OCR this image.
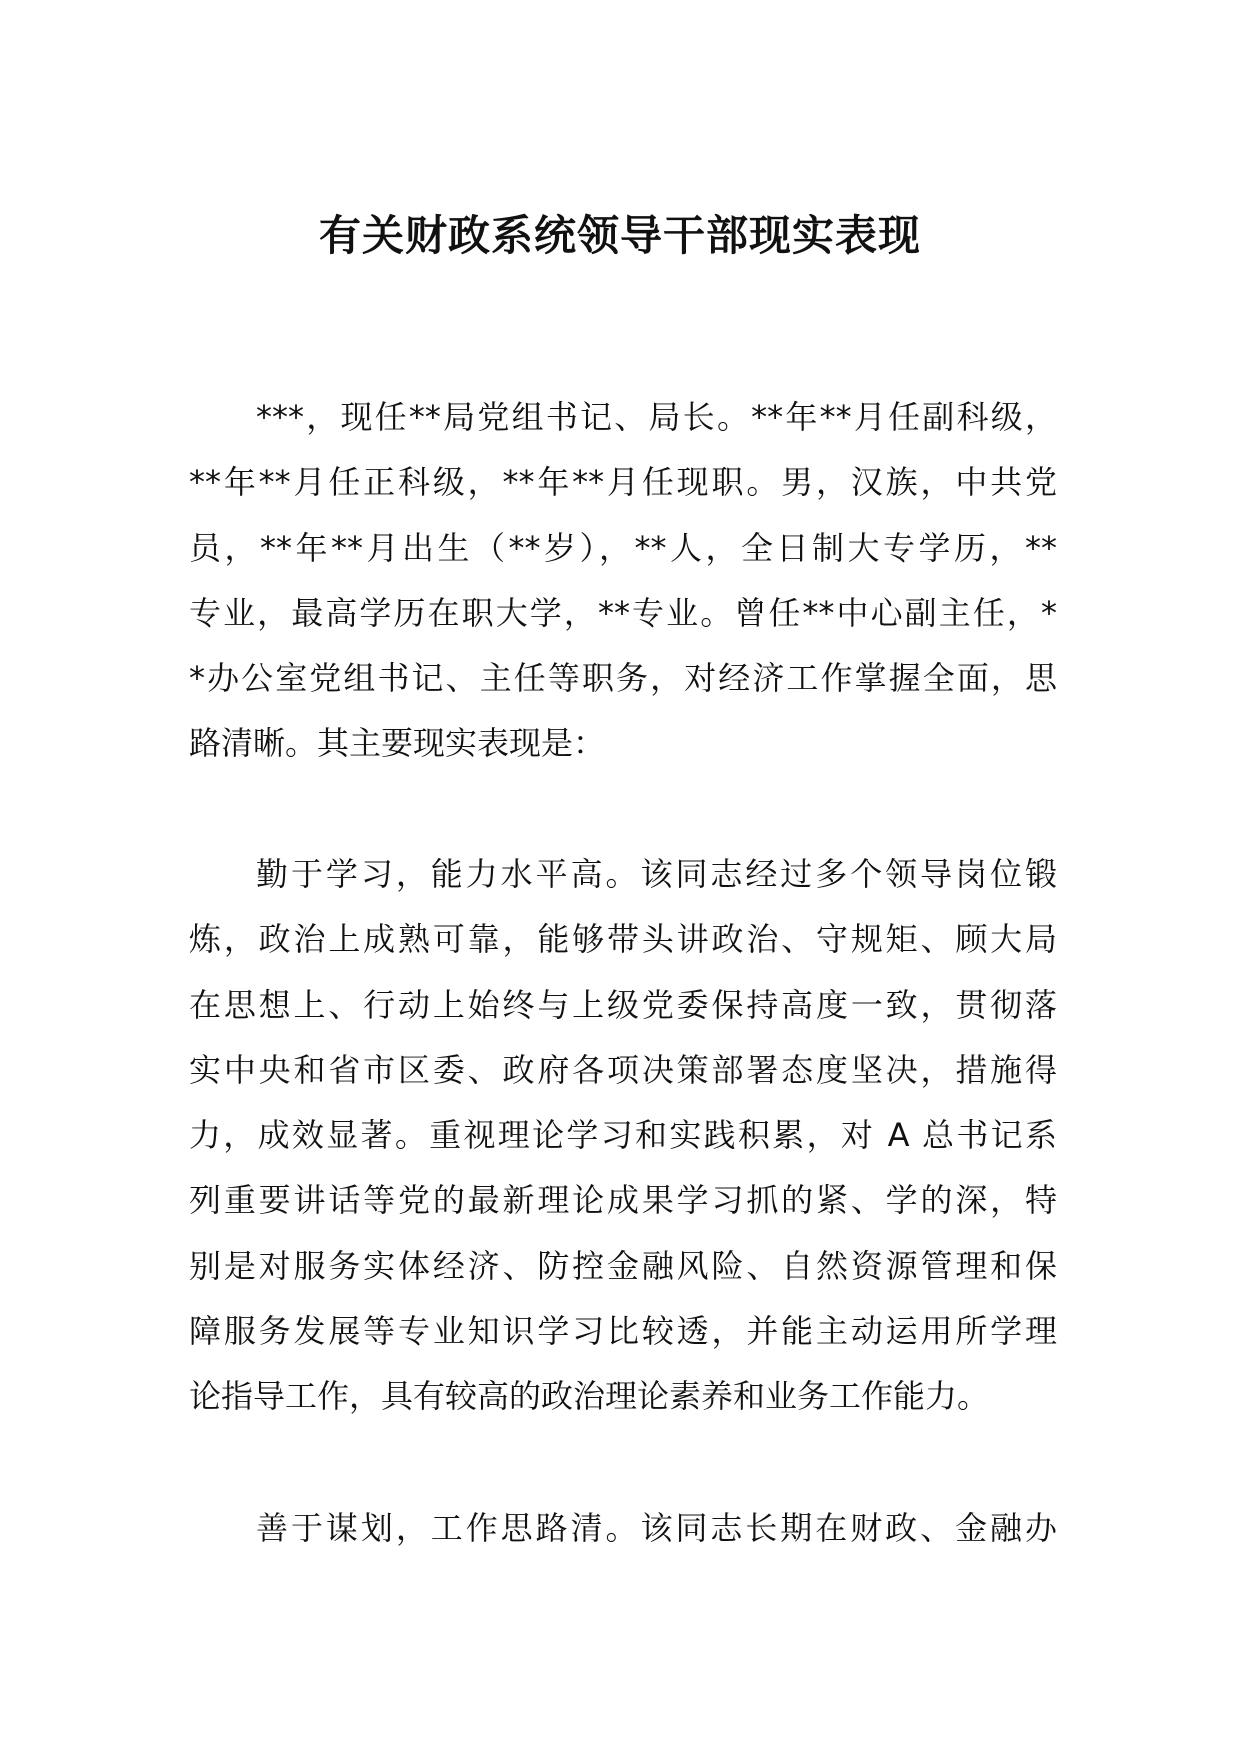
有关财政系统领导干部现实表现
***，现任**局党组书记、局长。**年**月任副科级，
**年**月任正科级，**年**月任现职。男，汉族，中共党
员，**年**月出生（**岁），**人，全日制大专学历，**
专业，最高学历在职大学，**专业。曾任**中心副主任，*
*办公室党组书记、主任等职务，对经济工作掌握全面，思
路清晰。其主要现实表现是：
勤于学习，能力水平高。该同志经过多个领导岗位锻
炼，政治上成熟可靠，能够带头讲政治、守规矩、顾大局
在思想上、行动上始终与上级党委保持高度一致，贯彻落
实中央和省市区委、政府各项决策部署态度坚决，措施得
力，成效显著。重视理论学习和实践积累，对 A 总书记系
列重要讲话等党的最新理论成果学习抓的紧、学的深，特
别是对服务实体经济、防控金融风险、自然资源管理和保
障服务发展等专业知识学习比较透，并能主动运用所学理
论指导工作，具有较高的政治理论素养和业务工作能力。
善于谋划，工作思路清。该同志长期在财政、金融办
